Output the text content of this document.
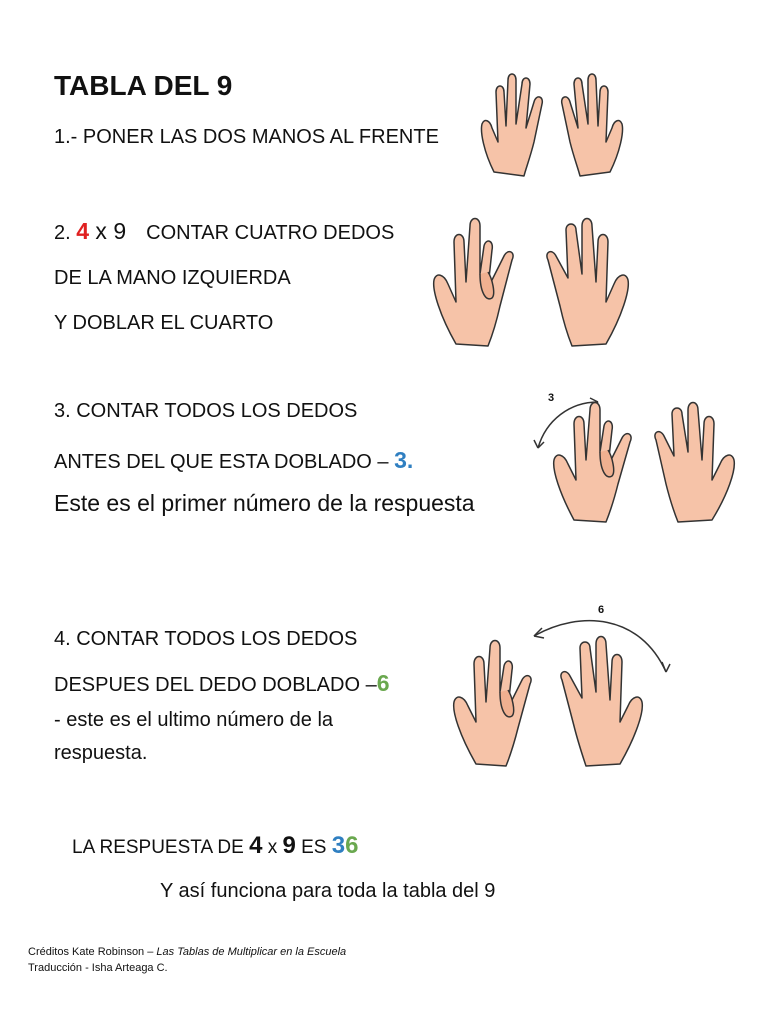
TABLA DEL 9
1.- PONER LAS DOS MANOS AL FRENTE
2. 4 x 9 CONTAR CUATRO DEDOS
DE LA MANO IZQUIERDA
Y DOBLAR EL CUARTO
3. CONTAR TODOS LOS DEDOS
ANTES DEL QUE ESTA DOBLADO – 3.
Este es el primer número de la respuesta
3
4. CONTAR TODOS LOS DEDOS
DESPUES DEL DEDO DOBLADO –6
- este es el ultimo número de la
respuesta.
6
LA RESPUESTA DE 4 x 9 ES 36
Y así funciona para toda la tabla del 9
Créditos Kate Robinson – Las Tablas de Multiplicar en la Escuela
Traducción - Isha Arteaga C.
